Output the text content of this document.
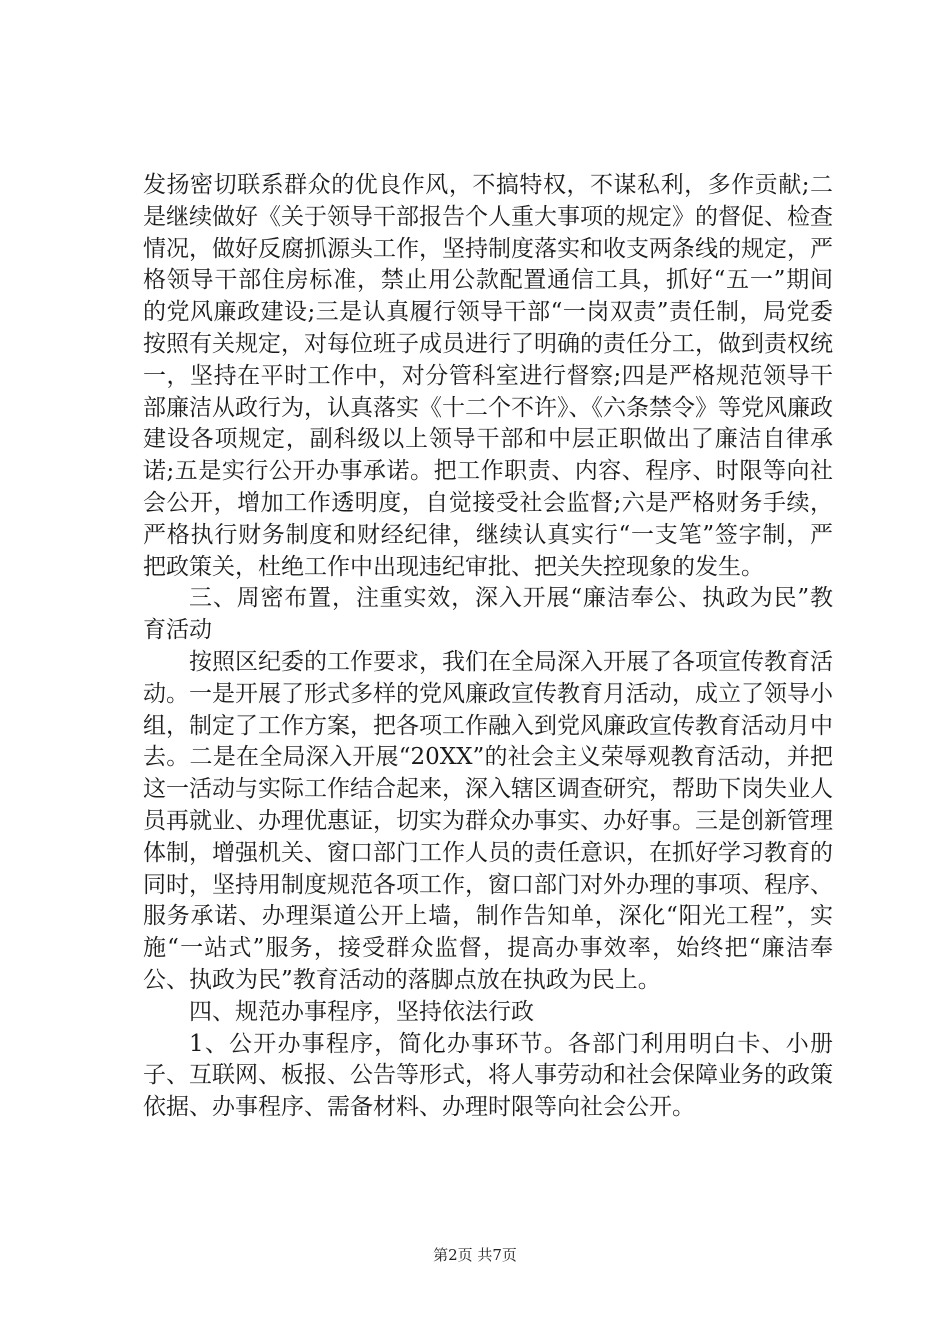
发扬密切联系群众的优良作风，不搞特权，不谋私利，多作贡献;二是继续做好《关于领导干部报告个人重大事项的规定》的督促、检查情况，做好反腐抓源头工作，坚持制度落实和收支两条线的规定，严格领导干部住房标准，禁止用公款配置通信工具，抓好“五一”期间的党风廉政建设;三是认真履行领导干部“一岗双责”责任制，局党委按照有关规定，对每位班子成员进行了明确的责任分工，做到责权统一，坚持在平时工作中，对分管科室进行督察;四是严格规范领导干部廉洁从政行为，认真落实《十二个不许》、《六条禁令》等党风廉政建设各项规定，副科级以上领导干部和中层正职做出了廉洁自律承诺;五是实行公开办事承诺。把工作职责、内容、程序、时限等向社会公开，增加工作透明度，自觉接受社会监督;六是严格财务手续，严格执行财务制度和财经纪律，继续认真实行“一支笔”签字制，严把政策关，杜绝工作中出现违纪审批、把关失控现象的发生。

三、周密布置，注重实效，深入开展“廉洁奉公、执政为民”教育活动

按照区纪委的工作要求，我们在全局深入开展了各项宣传教育活动。一是开展了形式多样的党风廉政宣传教育月活动，成立了领导小组，制定了工作方案，把各项工作融入到党风廉政宣传教育活动月中去。二是在全局深入开展“20XX”的社会主义荣辱观教育活动，并把这一活动与实际工作结合起来，深入辖区调查研究，帮助下岗失业人员再就业、办理优惠证，切实为群众办事实、办好事。三是创新管理体制，增强机关、窗口部门工作人员的责任意识，在抓好学习教育的同时，坚持用制度规范各项工作，窗口部门对外办理的事项、程序、服务承诺、办理渠道公开上墙，制作告知单，深化“阳光工程”，实施“一站式”服务，接受群众监督，提高办事效率，始终把“廉洁奉公、执政为民”教育活动的落脚点放在执政为民上。

四、规范办事程序，坚持依法行政

1、公开办事程序，简化办事环节。各部门利用明白卡、小册子、互联网、板报、公告等形式，将人事劳动和社会保障业务的政策依据、办事程序、需备材料、办理时限等向社会公开。

第2页 共7页
